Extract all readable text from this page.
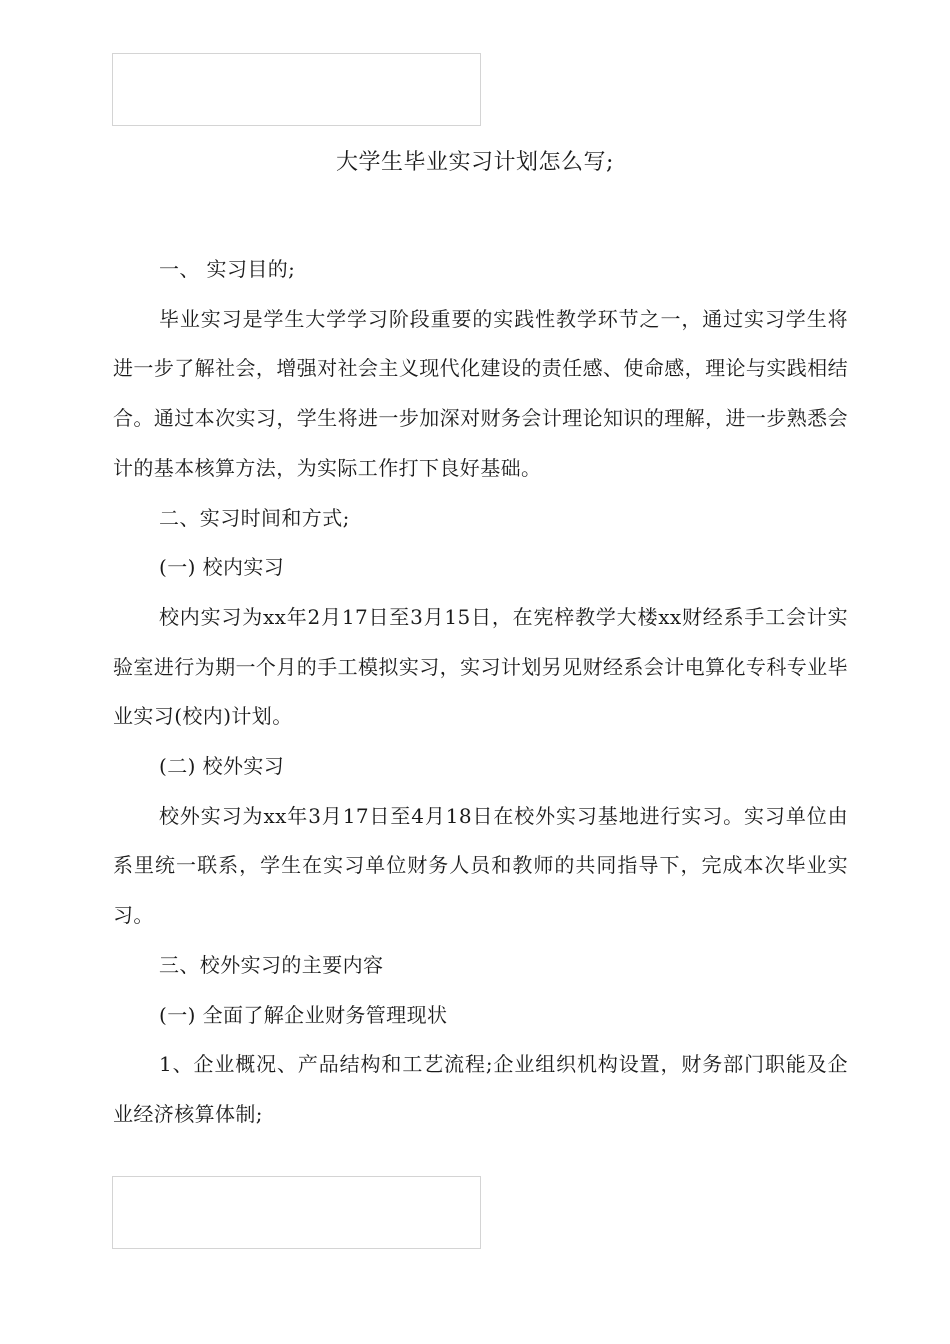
大学生毕业实习计划怎么写;

一、 实习目的;

毕业实习是学生大学学习阶段重要的实践性教学环节之一，通过实习学生将进一步了解社会，增强对社会主义现代化建设的责任感、使命感，理论与实践相结合。通过本次实习，学生将进一步加深对财务会计理论知识的理解，进一步熟悉会计的基本核算方法，为实际工作打下良好基础。

二、实习时间和方式;

(一) 校内实习

校内实习为xx年2月17日至3月15日，在宪梓教学大楼xx财经系手工会计实验室进行为期一个月的手工模拟实习，实习计划另见财经系会计电算化专科专业毕业实习(校内)计划。

(二) 校外实习

校外实习为xx年3月17日至4月18日在校外实习基地进行实习。实习单位由系里统一联系，学生在实习单位财务人员和教师的共同指导下，完成本次毕业实习。

三、校外实习的主要内容

(一) 全面了解企业财务管理现状

1、企业概况、产品结构和工艺流程;企业组织机构设置，财务部门职能及企业经济核算体制;
